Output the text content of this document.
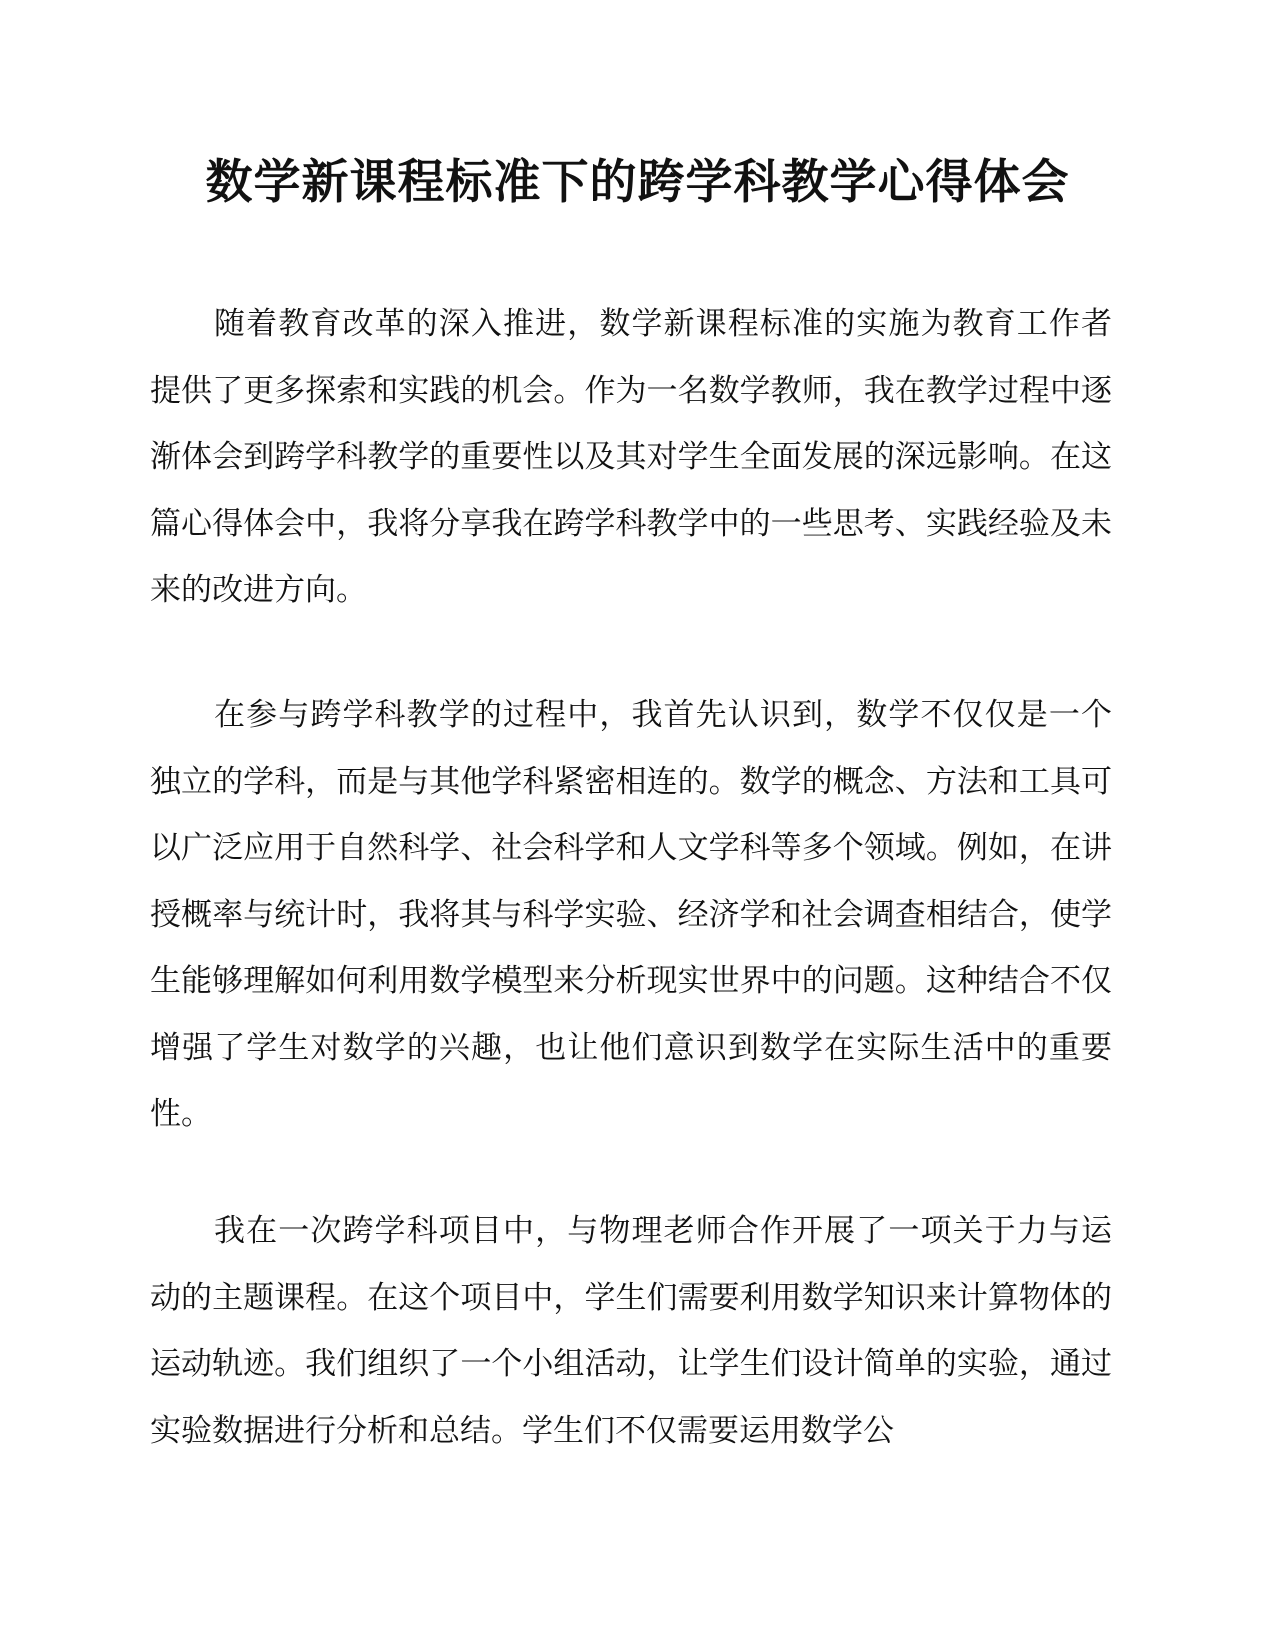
数学新课程标准下的跨学科教学心得体会

随着教育改革的深入推进，数学新课程标准的实施为教育工作者提供了更多探索和实践的机会。作为一名数学教师，我在教学过程中逐渐体会到跨学科教学的重要性以及其对学生全面发展的深远影响。在这篇心得体会中，我将分享我在跨学科教学中的一些思考、实践经验及未来的改进方向。

在参与跨学科教学的过程中，我首先认识到，数学不仅仅是一个独立的学科，而是与其他学科紧密相连的。数学的概念、方法和工具可以广泛应用于自然科学、社会科学和人文学科等多个领域。例如，在讲授概率与统计时，我将其与科学实验、经济学和社会调查相结合，使学生能够理解如何利用数学模型来分析现实世界中的问题。这种结合不仅增强了学生对数学的兴趣，也让他们意识到数学在实际生活中的重要性。

我在一次跨学科项目中，与物理老师合作开展了一项关于力与运动的主题课程。在这个项目中，学生们需要利用数学知识来计算物体的运动轨迹。我们组织了一个小组活动，让学生们设计简单的实验，通过实验数据进行分析和总结。学生们不仅需要运用数学公
